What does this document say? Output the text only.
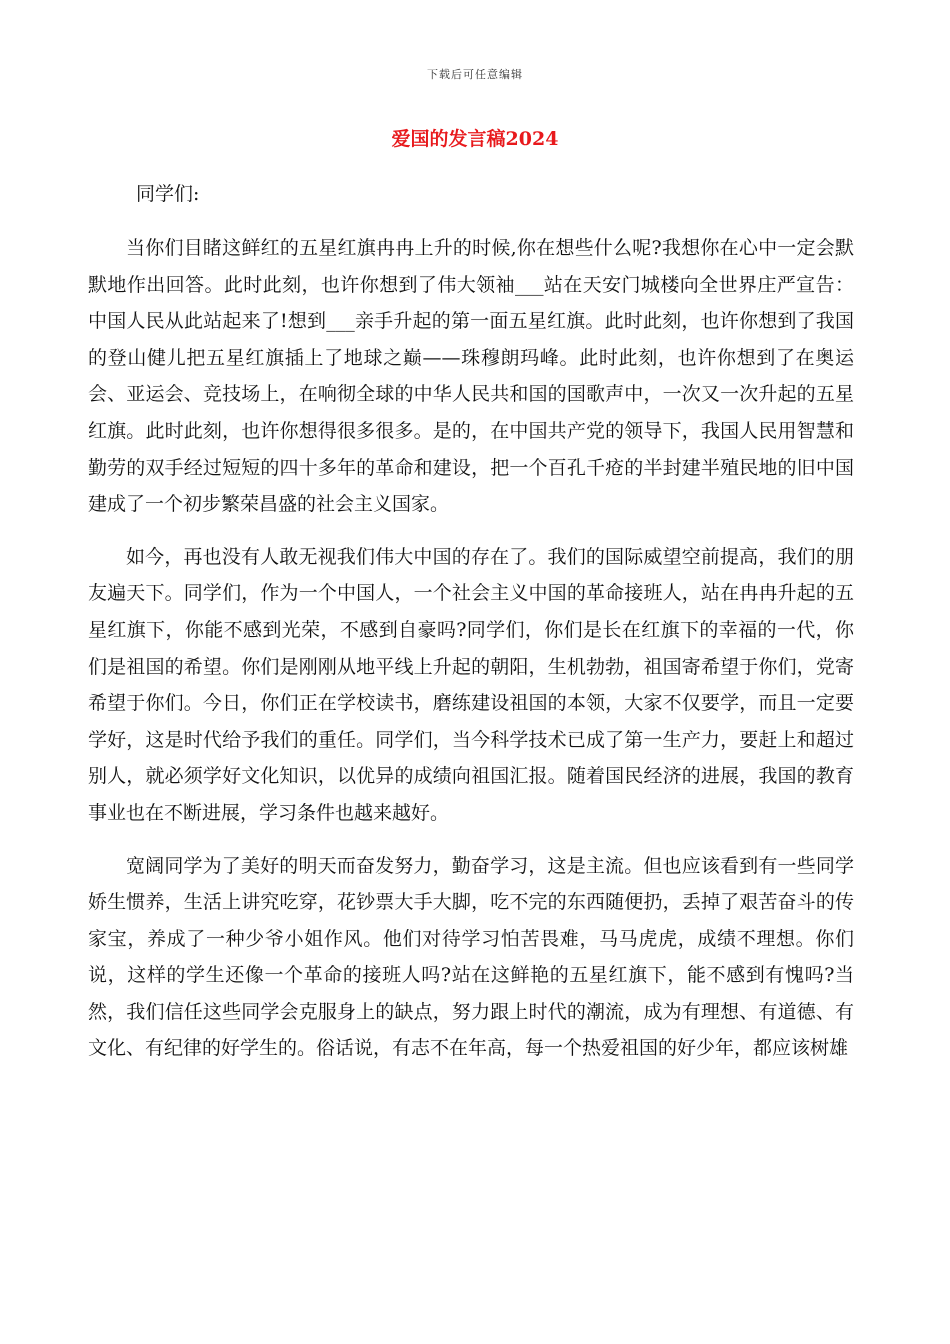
下载后可任意编辑
爱国的发言稿2024
同学们:

当你们目睹这鲜红的五星红旗冉冉上升的时候,你在想些什么呢?我想你在心中一定会默默地作出回答。此时此刻，也许你想到了伟大领袖___站在天安门城楼向全世界庄严宣告：中国人民从此站起来了!想到___亲手升起的第一面五星红旗。此时此刻，也许你想到了我国的登山健儿把五星红旗插上了地球之巅——珠穆朗玛峰。此时此刻，也许你想到了在奥运会、亚运会、竞技场上，在响彻全球的中华人民共和国的国歌声中，一次又一次升起的五星红旗。此时此刻，也许你想得很多很多。是的，在中国共产党的领导下，我国人民用智慧和勤劳的双手经过短短的四十多年的革命和建设，把一个百孔千疮的半封建半殖民地的旧中国建成了一个初步繁荣昌盛的社会主义国家。

如今，再也没有人敢无视我们伟大中国的存在了。我们的国际威望空前提高，我们的朋友遍天下。同学们，作为一个中国人，一个社会主义中国的革命接班人，站在冉冉升起的五星红旗下，你能不感到光荣，不感到自豪吗?同学们，你们是长在红旗下的幸福的一代，你们是祖国的希望。你们是刚刚从地平线上升起的朝阳，生机勃勃，祖国寄希望于你们，党寄希望于你们。今日，你们正在学校读书，磨练建设祖国的本领，大家不仅要学，而且一定要学好，这是时代给予我们的重任。同学们，当今科学技术已成了第一生产力，要赶上和超过别人，就必须学好文化知识，以优异的成绩向祖国汇报。随着国民经济的进展，我国的教育事业也在不断进展，学习条件也越来越好。

宽阔同学为了美好的明天而奋发努力，勤奋学习，这是主流。但也应该看到有一些同学娇生惯养，生活上讲究吃穿，花钞票大手大脚，吃不完的东西随便扔，丢掉了艰苦奋斗的传家宝，养成了一种少爷小姐作风。他们对待学习怕苦畏难，马马虎虎，成绩不理想。你们说，这样的学生还像一个革命的接班人吗?站在这鲜艳的五星红旗下，能不感到有愧吗?当然，我们信任这些同学会克服身上的缺点，努力跟上时代的潮流，成为有理想、有道德、有文化、有纪律的好学生的。俗话说，有志不在年高，每一个热爱祖国的好少年，都应该树雄
